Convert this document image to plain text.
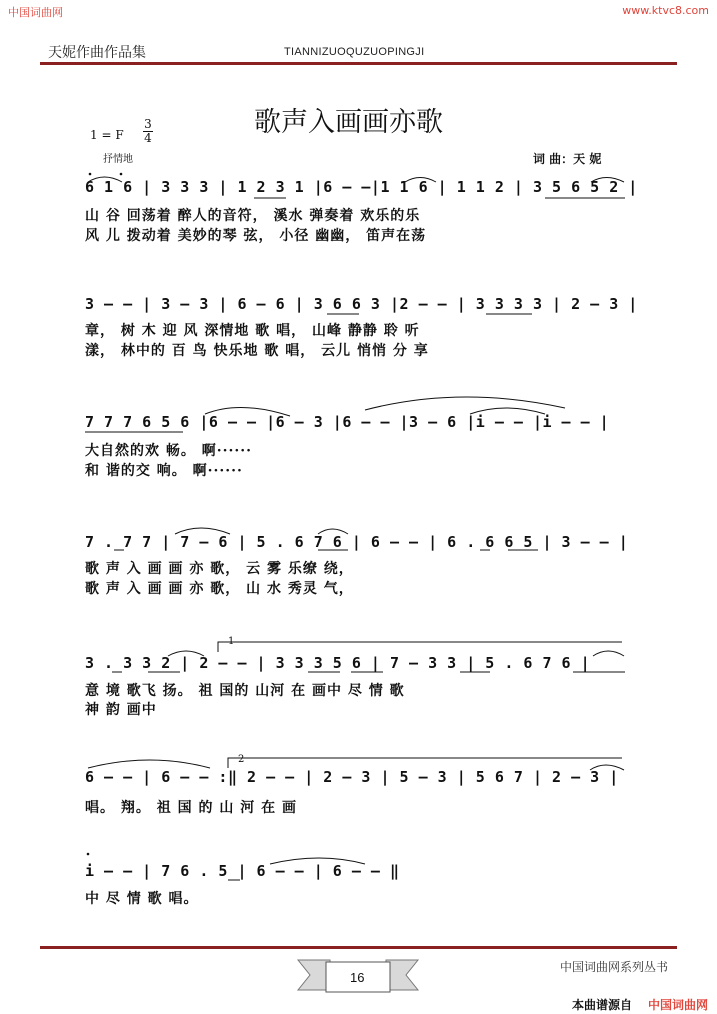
中国词曲网	www.ktvc8.com
天妮作曲作品集	TIANNIZUOQUZUOPINGJI
歌声入画画亦歌
1 = F
3
4
抒情地	词 曲：天 妮
6 1 6 | 3 3 3 | 1 2 3 1 |6 — —|1 1 6 | 1 1 2 | 3 5 6 5 2 |
山 谷 回荡着 醉人的音符， 溪水 弹奏着 欢乐的乐
风 儿 拨动着 美妙的琴 弦， 小径 幽幽， 笛声在荡
3 — — | 3 — 3 | 6 — 6 | 3 6 6 3 |2 — — | 3 3 3 3 | 2 — 3 |
章， 树 木 迎 风 深情地 歌 唱， 山峰 静静 聆 听
漾， 林中的 百 鸟 快乐地 歌 唱， 云儿 悄悄 分 享
7 7 7 6 5 6 |6 — — |6 — 3 |6 — — |3 — 6 |i — — |i — — |
大自然的欢 畅。 啊······
和 谐的交 响。 啊······
7 . 7 7 | 7 — 6 | 5 . 6 7 6 | 6 — — | 6 . 6 6 5 | 3 — — |
歌 声 入 画 画 亦 歌， 云 雾 乐缭 绕，
歌 声 入 画 画 亦 歌， 山 水 秀灵 气，
1
3 . 3 3 2 | 2 — — | 3 3 3 5 6 | 7 — 3 3 | 5 . 6 7 6 |
意 境 歌飞 扬。 祖 国的 山河 在 画中 尽 情 歌
神 韵 画中
2
6 — — | 6 — — :‖ 2 — — | 2 — 3 | 5 — 3 | 5 6 7 | 2 — 3 |
唱。 翔。 祖 国 的 山 河 在 画
i — — | 7 6 . 5 | 6 — — | 6 — — ‖
中 尽 情 歌 唱。
中国词曲网系列丛书
16
本曲谱源自 中国词曲网
